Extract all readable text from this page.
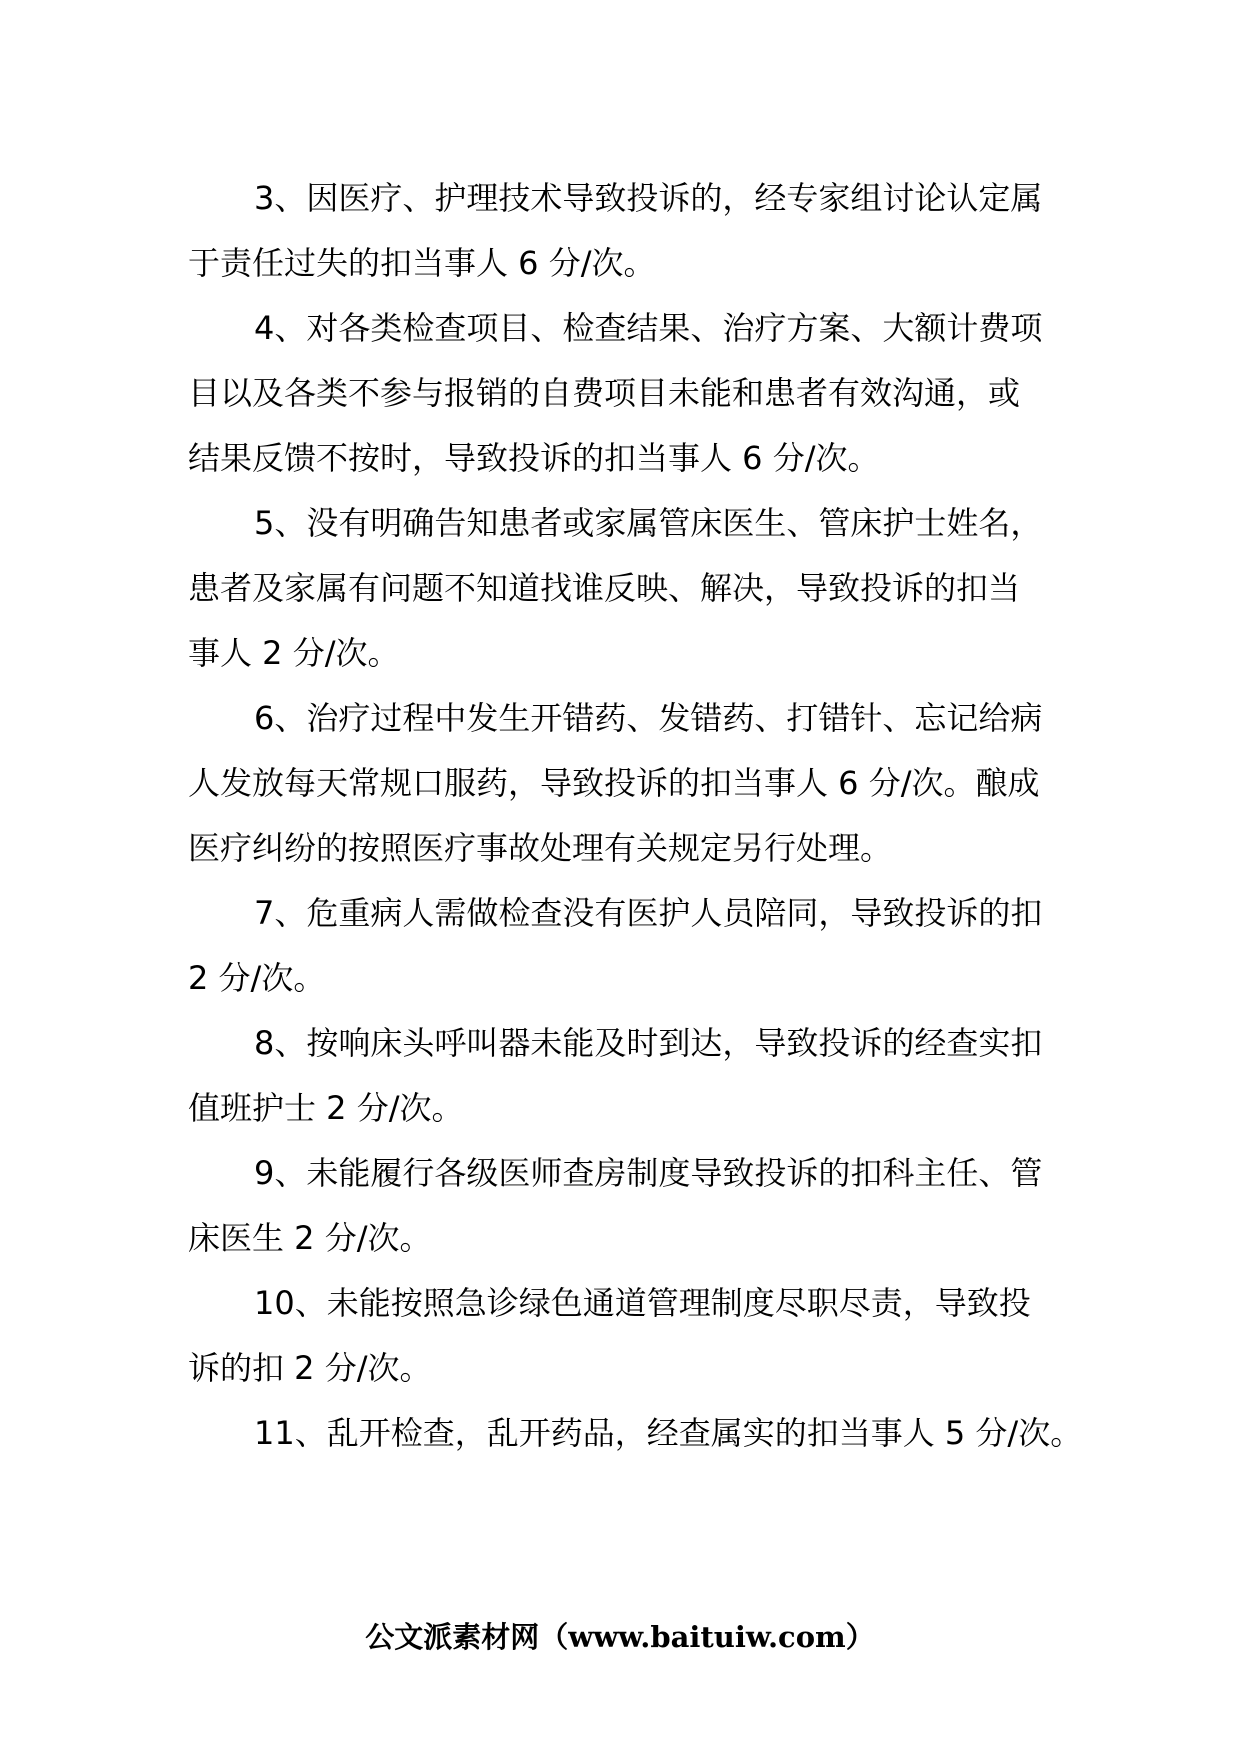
3、因医疗、护理技术导致投诉的，经专家组讨论认定属
于责任过失的扣当事人 6 分/次。

4、对各类检查项目、检查结果、治疗方案、大额计费项
目以及各类不参与报销的自费项目未能和患者有效沟通，或
结果反馈不按时，导致投诉的扣当事人 6 分/次。

5、没有明确告知患者或家属管床医生、管床护士姓名，
患者及家属有问题不知道找谁反映、解决，导致投诉的扣当
事人 2 分/次。

6、治疗过程中发生开错药、发错药、打错针、忘记给病
人发放每天常规口服药，导致投诉的扣当事人 6 分/次。酿成
医疗纠纷的按照医疗事故处理有关规定另行处理。

7、危重病人需做检查没有医护人员陪同，导致投诉的扣
2 分/次。

8、按响床头呼叫器未能及时到达，导致投诉的经查实扣
值班护士 2 分/次。

9、未能履行各级医师查房制度导致投诉的扣科主任、管
床医生 2 分/次。

10、未能按照急诊绿色通道管理制度尽职尽责，导致投
诉的扣 2 分/次。

11、乱开检查，乱开药品，经查属实的扣当事人 5 分/次。

公文派素材网（www.baituiw.com）
